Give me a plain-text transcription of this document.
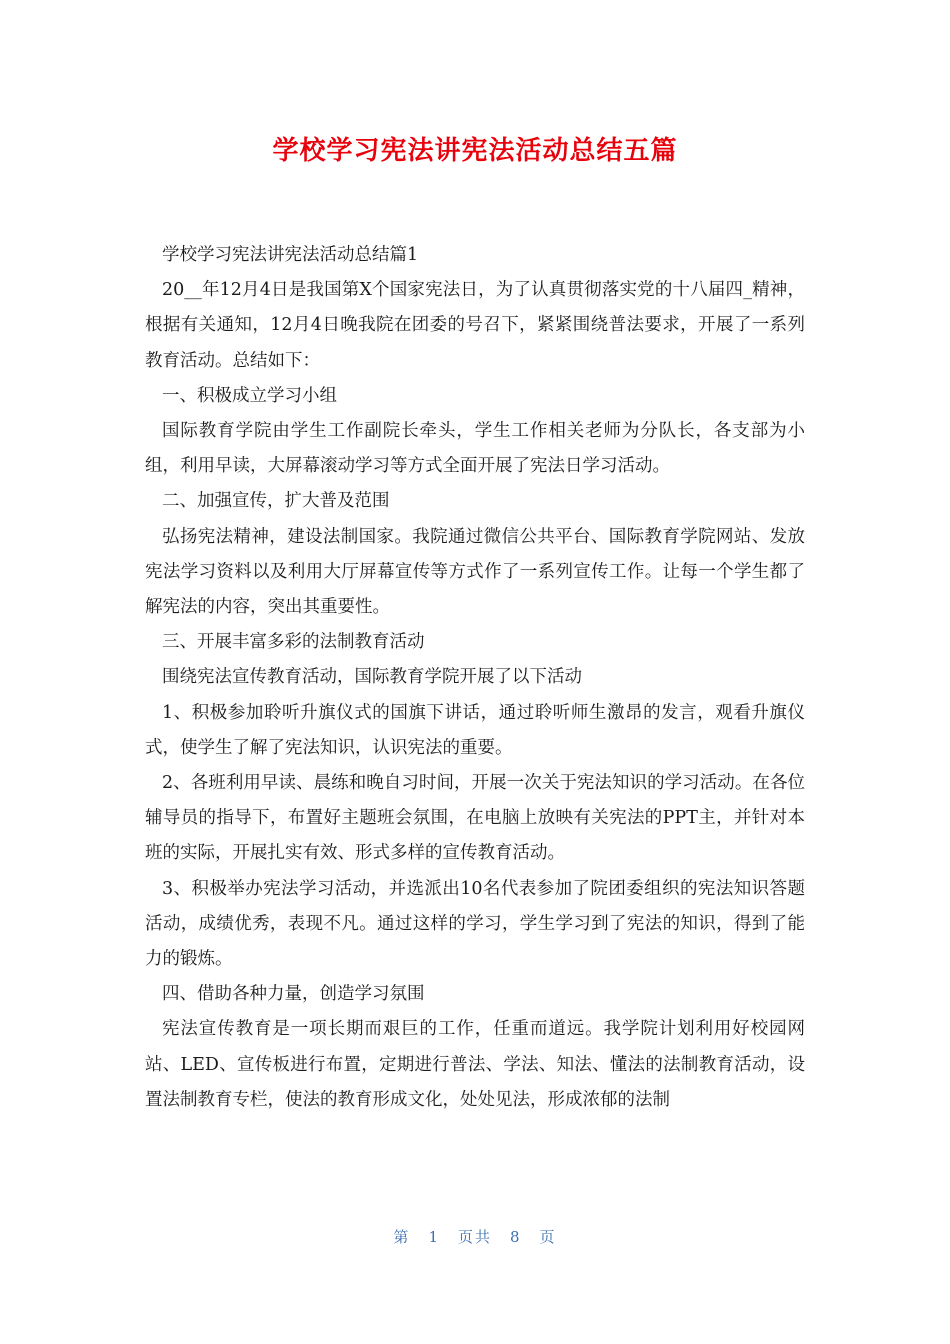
学校学习宪法讲宪法活动总结五篇

学校学习宪法讲宪法活动总结篇1

20__年12月4日是我国第X个国家宪法日，为了认真贯彻落实党的十八届四_精神，根据有关通知，12月4日晚我院在团委的号召下，紧紧围绕普法要求，开展了一系列教育活动。总结如下：

一、积极成立学习小组

国际教育学院由学生工作副院长牵头，学生工作相关老师为分队长，各支部为小组，利用早读，大屏幕滚动学习等方式全面开展了宪法日学习活动。

二、加强宣传，扩大普及范围

弘扬宪法精神，建设法制国家。我院通过微信公共平台、国际教育学院网站、发放宪法学习资料以及利用大厅屏幕宣传等方式作了一系列宣传工作。让每一个学生都了解宪法的内容，突出其重要性。

三、开展丰富多彩的法制教育活动

围绕宪法宣传教育活动，国际教育学院开展了以下活动

1、积极参加聆听升旗仪式的国旗下讲话，通过聆听师生激昂的发言，观看升旗仪式，使学生了解了宪法知识，认识宪法的重要。

2、各班利用早读、晨练和晚自习时间，开展一次关于宪法知识的学习活动。在各位辅导员的指导下，布置好主题班会氛围，在电脑上放映有关宪法的PPT主，并针对本班的实际，开展扎实有效、形式多样的宣传教育活动。

3、积极举办宪法学习活动，并选派出10名代表参加了院团委组织的宪法知识答题活动，成绩优秀，表现不凡。通过这样的学习，学生学习到了宪法的知识，得到了能力的锻炼。

四、借助各种力量，创造学习氛围

宪法宣传教育是一项长期而艰巨的工作，任重而道远。我学院计划利用好校园网站、LED、宣传板进行布置，定期进行普法、学法、知法、懂法的法制教育活动，设置法制教育专栏，使法的教育形成文化，处处见法，形成浓郁的法制

第 1 页共 8 页
